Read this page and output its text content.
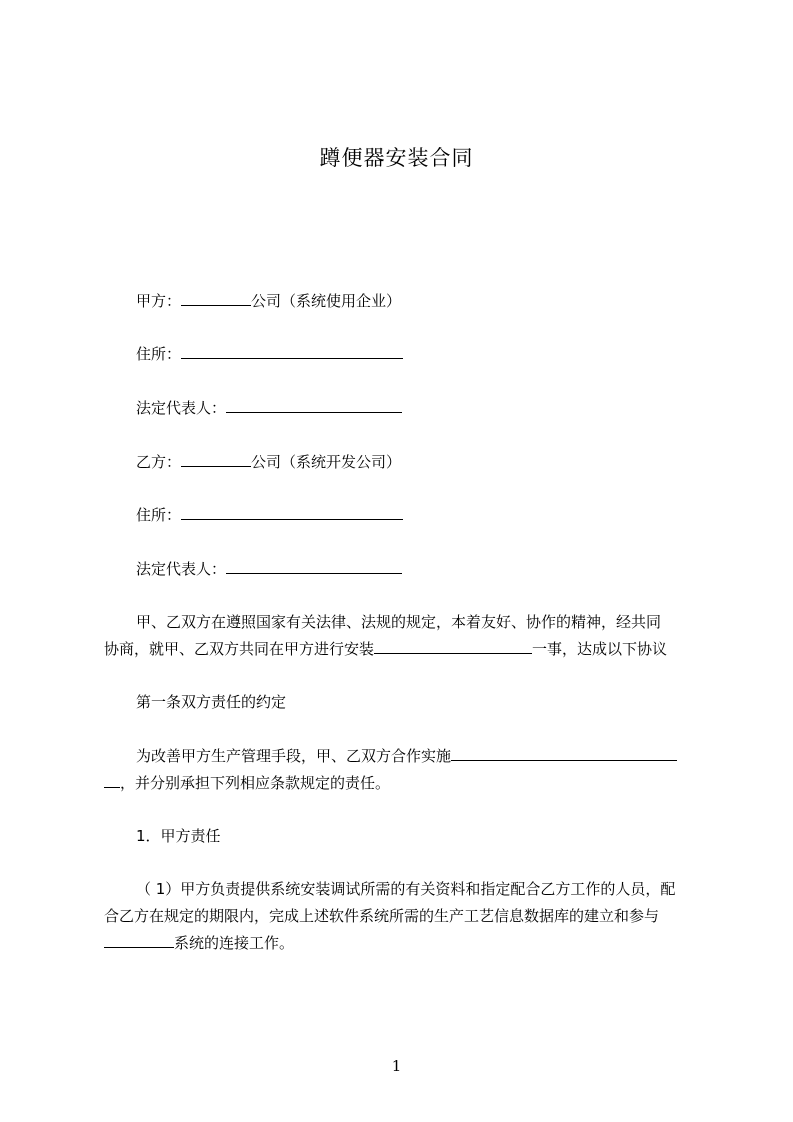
蹲便器安装合同
甲方：	公司（系统使用企业）
住所：
法定代表人：
乙方：	公司（系统开发公司）
住所：
法定代表人：
甲、乙双方在遵照国家有关法律、法规的规定，本着友好、协作的精神，经共同
协商，就甲、乙双方共同在甲方进行安装	一事，达成以下协议
第一条双方责任的约定
为改善甲方生产管理手段，甲、乙双方合作实施
，并分别承担下列相应条款规定的责任。
1．甲方责任
（ 1）甲方负责提供系统安装调试所需的有关资料和指定配合乙方工作的人员，配
合乙方在规定的期限内，完成上述软件系统所需的生产工艺信息数据库的建立和参与
系统的连接工作。
1
